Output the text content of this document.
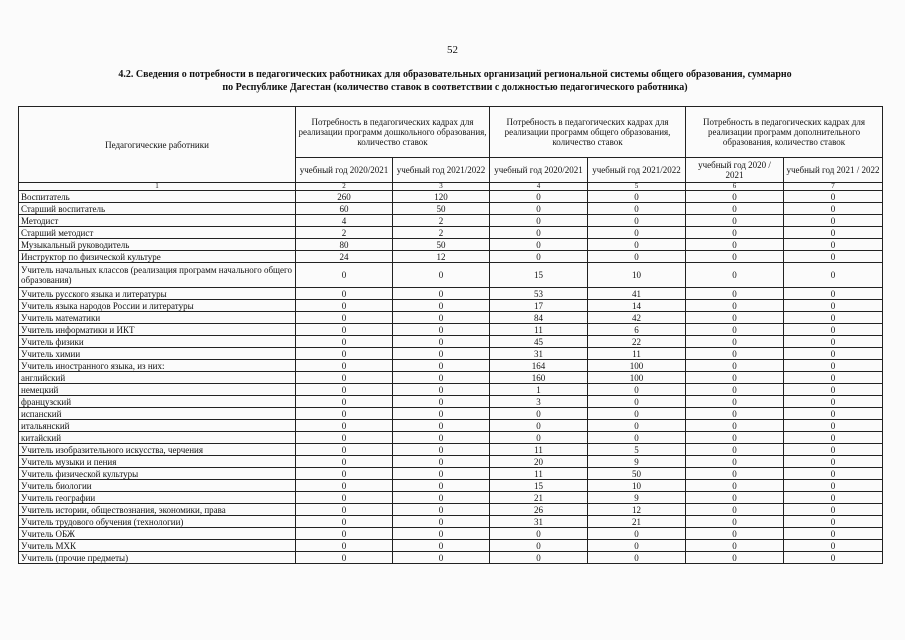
52
4.2. Сведения о потребности в педагогических работниках для образовательных организаций региональной системы общего образования, суммарно
по Республике Дагестан (количество ставок в соответствии с должностью педагогического работника)
Педагогические работники	Потребность в педагогических кадрах для реализации программ дошкольного образования, количество ставок		Потребность в педагогических кадрах для реализации программ общего образования, количество ставок		Потребность в педагогических кадрах для реализации программ дополнительного образования, количество ставок	
	учебный год 2020/2021	учебный год 2021/2022	учебный год 2020/2021	учебный год 2021/2022	учебный год 2020 / 2021	учебный год 2021 / 2022
1	2	3	4	5	6	7
Воспитатель	260	120	0	0	0	0
Старший воспитатель	60	50	0	0	0	0
Методист	4	2	0	0	0	0
Старший методист	2	2	0	0	0	0
Музыкальный руководитель	80	50	0	0	0	0
Инструктор по физической культуре	24	12	0	0	0	0
Учитель начальных классов (реализация программ начального общего образования)	0	0	15	10	0	0
Учитель русского языка и литературы	0	0	53	41	0	0
Учитель языка народов России и литературы	0	0	17	14	0	0
Учитель математики	0	0	84	42	0	0
Учитель информатики и ИКТ	0	0	11	6	0	0
Учитель физики	0	0	45	22	0	0
Учитель химии	0	0	31	11	0	0
Учитель иностранного языка, из них:	0	0	164	100	0	0
английский	0	0	160	100	0	0
немецкий	0	0	1	0	0	0
французский	0	0	3	0	0	0
испанский	0	0	0	0	0	0
итальянский	0	0	0	0	0	0
китайский	0	0	0	0	0	0
Учитель изобразительного искусства, черчения	0	0	11	5	0	0
Учитель музыки и пения	0	0	20	9	0	0
Учитель физической культуры	0	0	11	50	0	0
Учитель биологии	0	0	15	10	0	0
Учитель географии	0	0	21	9	0	0
Учитель истории, обществознания, экономики, права	0	0	26	12	0	0
Учитель трудового обучения (технологии)	0	0	31	21	0	0
Учитель ОБЖ	0	0	0	0	0	0
Учитель МХК	0	0	0	0	0	0
Учитель (прочие предметы)	0	0	0	0	0	0
